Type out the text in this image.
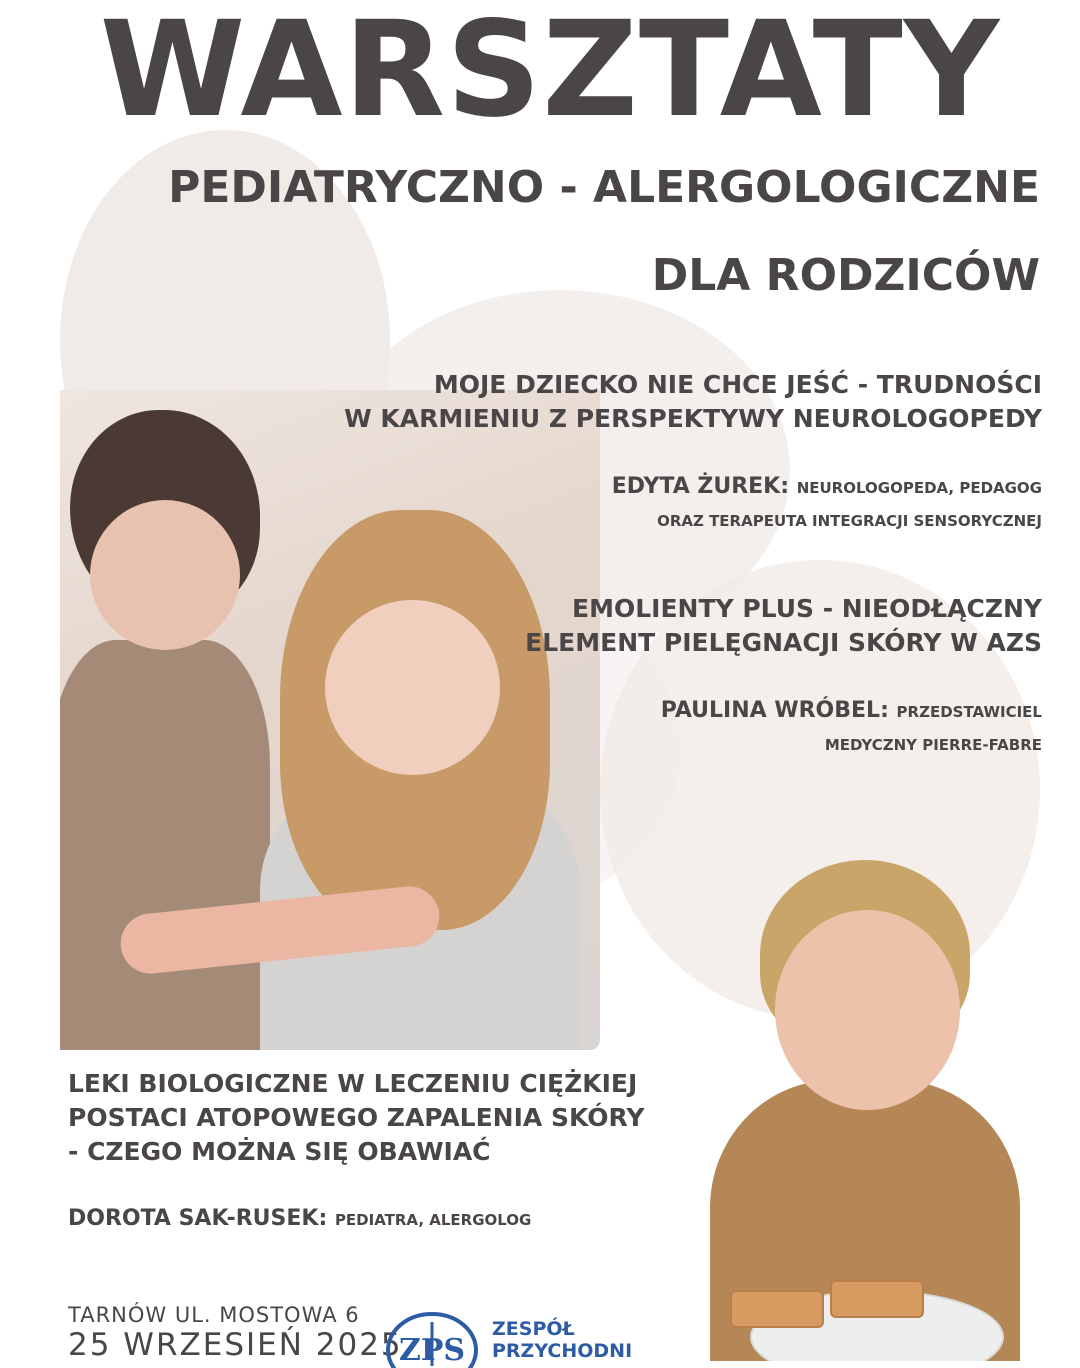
WARSZTATY
PEDIATRYCZNO - ALERGOLOGICZNE
DLA RODZICÓW
MOJE DZIECKO NIE CHCE JEŚĆ - TRUDNOŚCI
W KARMIENIU Z PERSPEKTYWY NEUROLOGOPEDY
EDYTA ŻUREK: NEUROLOGOPEDA, PEDAGOG
ORAZ TERAPEUTA INTEGRACJI SENSORYCZNEJ
EMOLIENTY PLUS - NIEODŁĄCZNY
ELEMENT PIELĘGNACJI SKÓRY W AZS
PAULINA WRÓBEL: PRZEDSTAWICIEL
MEDYCZNY PIERRE-FABRE
LEKI BIOLOGICZNE W LECZENIU CIĘŻKIEJ
POSTACI ATOPOWEGO ZAPALENIA SKÓRY
- CZEGO MOŻNA SIĘ OBAWIAĆ
DOROTA SAK-RUSEK: PEDIATRA, ALERGOLOG
TARNÓW UL. MOSTOWA 6
25 WRZESIEŃ 2025
ZPS
ZESPÓŁ
PRZYCHODNI
